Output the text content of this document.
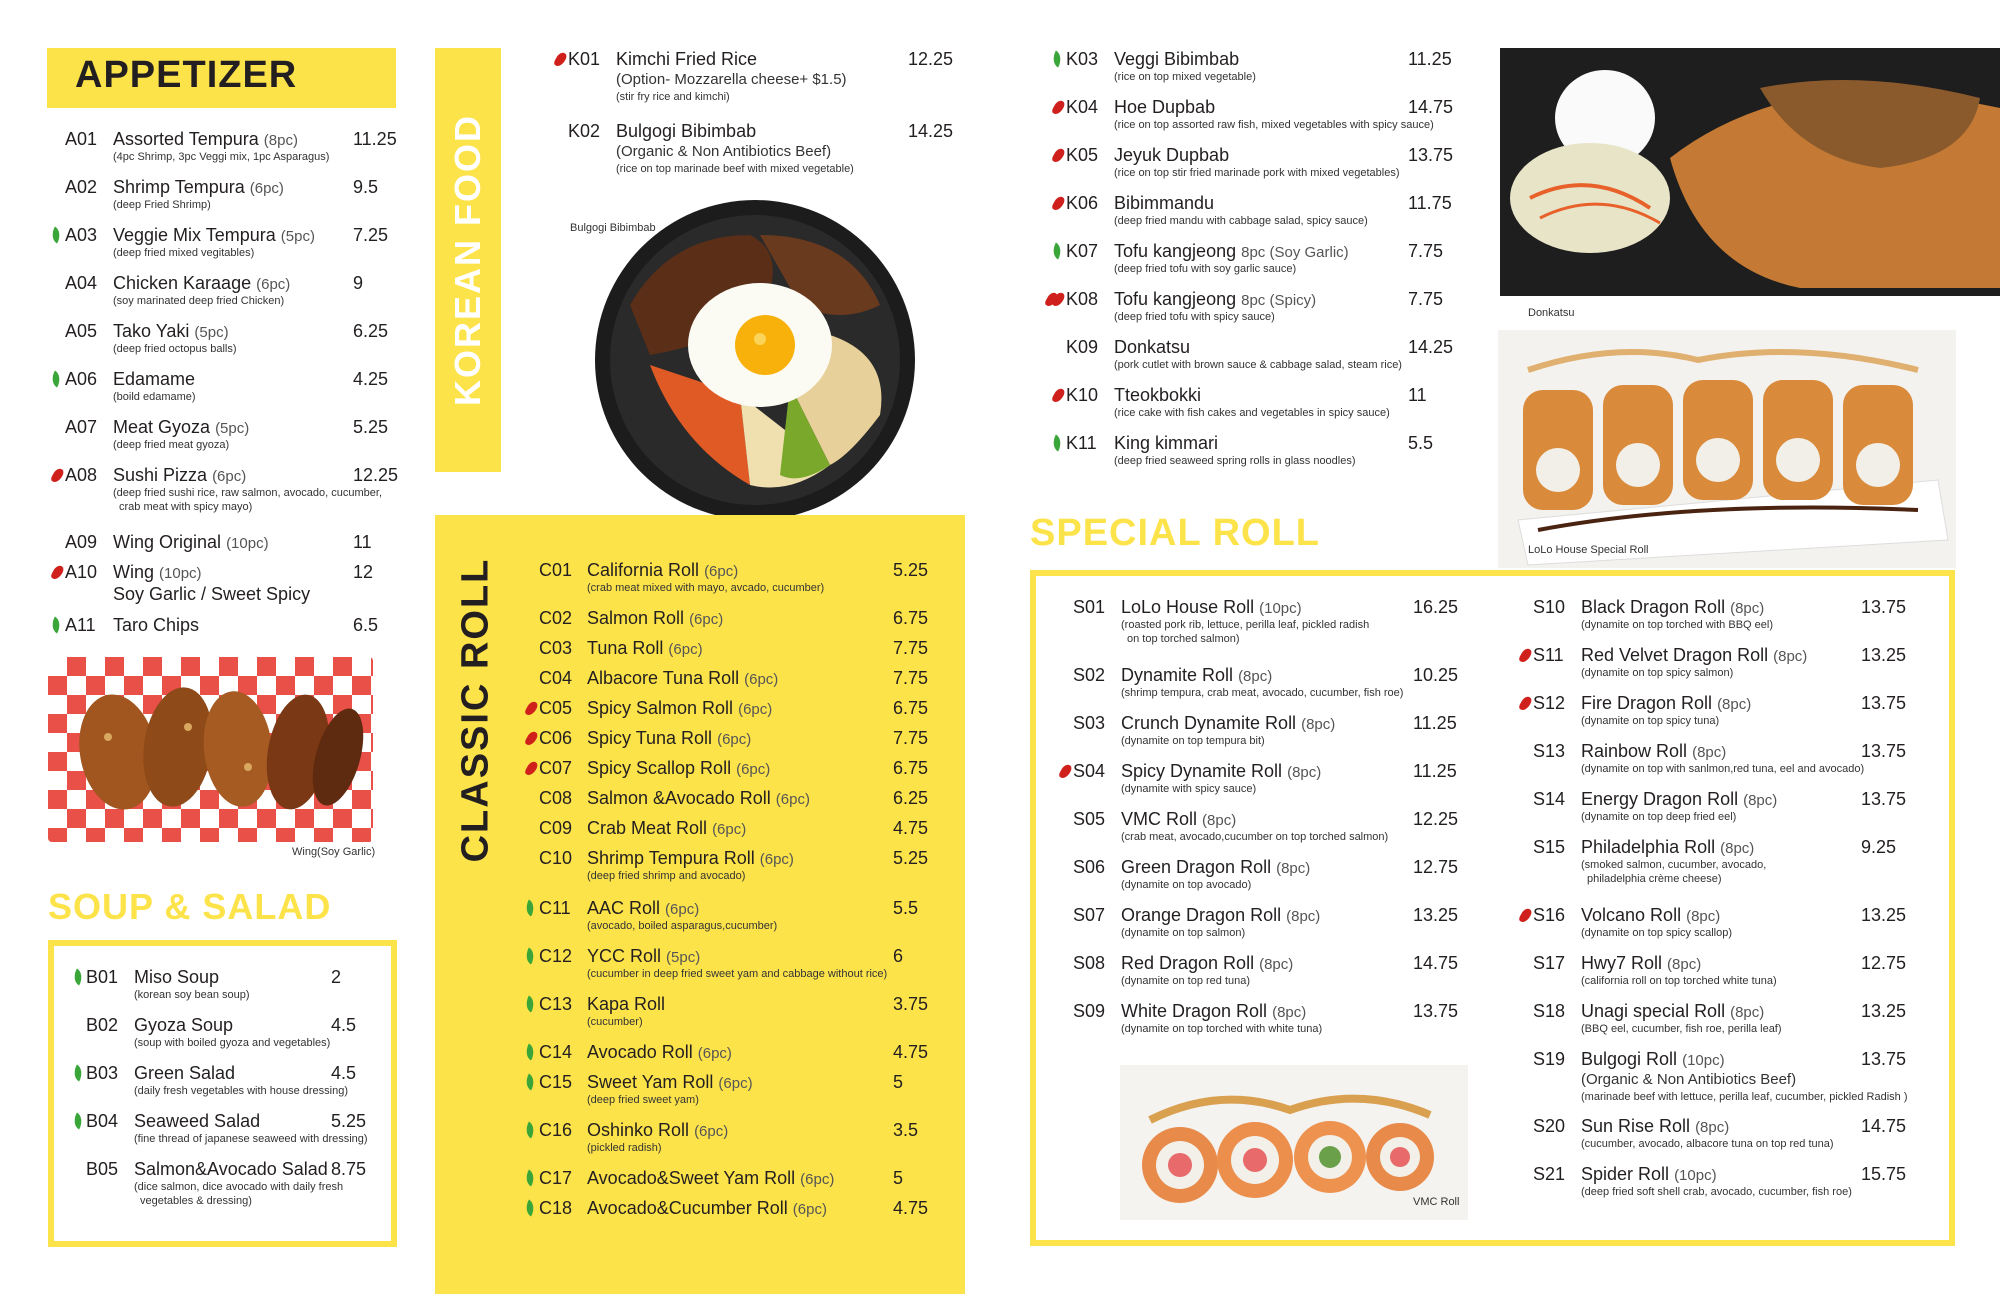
APPETIZER
A01 Assorted Tempura (8pc)	11.25
(4pc Shrimp, 3pc Veggi mix, 1pc Asparagus)
A02 Shrimp Tempura (6pc)	9.5
(deep Fried Shrimp)
A03 Veggie Mix Tempura (5pc) 7.25
(deep fried mixed vegitables)
A04 Chicken Karaage (6pc)	9
(soy marinated deep fried Chicken)
A05 Tako Yaki (5pc)	6.25
(deep fried octopus balls)
A06 Edamame	4.25
(boild edamame)
A07 Meat Gyoza (5pc)	5.25
(deep fried meat gyoza)
A08 Sushi Pizza (6pc)	12.25
(deep fried sushi rice, raw salmon, avocado, cucumber,
crab meat with spicy mayo)
A09 Wing Original (10pc)	11
A10 Wing (10pc)	12
Soy Garlic / Sweet Spicy
A11 Taro Chips	6.5
Wing(Soy Garlic)
SOUP & SALAD
B01 Miso Soup	2
(korean soy bean soup)
B02 Gyoza Soup	4.5
(soup with boiled gyoza and vegetables)
B03 Green Salad	4.5
(daily fresh vegetables with house dressing)
B04 Seaweed Salad	5.25
(fine thread of japanese seaweed with dressing)
B05 Salmon&Avocado Salad 8.75
(dice salmon, dice avocado with daily fresh
vegetables & dressing)
KOREAN FOOD
K01 Kimchi Fried Rice	12.25
(Option- Mozzarella cheese+ $1.5)
(stir fry rice and kimchi)
K02 Bulgogi Bibimbab	14.25
(Organic & Non Antibiotics Beef)
(rice on top marinade beef with mixed vegetable)
Bulgogi Bibimbab
CLASSIC ROLL C01 California Roll (6pc)	5.25
(crab meat mixed with mayo, avcado, cucumber)
C02 Salmon Roll (6pc)	6.75
C03 Tuna Roll (6pc)	7.75
C04 Albacore Tuna Roll (6pc)	7.75
C05 Spicy Salmon Roll (6pc)	6.75
C06 Spicy Tuna Roll (6pc)	7.75
C07 Spicy Scallop Roll (6pc)	6.75
C08 Salmon &Avocado Roll (6pc)	6.25
C09 Crab Meat Roll (6pc)	4.75
C10 Shrimp Tempura Roll (6pc)	5.25
(deep fried shrimp and avocado)
C11 AAC Roll (6pc)	5.5
(avocado, boiled asparagus,cucumber)
C12 YCC Roll (5pc)	6
(cucumber in deep fried sweet yam and cabbage without rice)
C13 Kapa Roll	3.75
(cucumber)
C14 Avocado Roll (6pc)	4.75
C15 Sweet Yam Roll (6pc)	5
(deep fried sweet yam)
C16 Oshinko Roll (6pc)	3.5
(pickled radish)
C17 Avocado&Sweet Yam Roll (6pc)	5
C18 Avocado&Cucumber Roll (6pc)	4.75
K03 Veggi Bibimbab	11.25
(rice on top mixed vegetable)
K04 Hoe Dupbab	14.75
(rice on top assorted raw fish, mixed vegetables with spicy sauce)
K05 Jeyuk Dupbab	13.75
(rice on top stir fried marinade pork with mixed vegetables)
K06 Bibimmandu	11.75
(deep fried mandu with cabbage salad, spicy sauce)
K07 Tofu kangjeong 8pc (Soy Garlic)	7.75
(deep fried tofu with soy garlic sauce)
K08 Tofu kangjeong 8pc (Spicy)	7.75
(deep fried tofu with spicy sauce)
K09 Donkatsu	14.25
(pork cutlet with brown sauce & cabbage salad, steam rice)
K10 Tteokbokki	11
(rice cake with fish cakes and vegetables in spicy sauce)
K11 King kimmari	5.5
(deep fried seaweed spring rolls in glass noodles)
Donkatsu
LoLo House Special Roll
SPECIAL ROLL
S01 LoLo House Roll (10pc)	16.25
(roasted pork rib, lettuce, perilla leaf, pickled radish
on top torched salmon)
S02 Dynamite Roll (8pc)	10.25
(shrimp tempura, crab meat, avocado, cucumber, fish roe)
S03 Crunch Dynamite Roll (8pc)	11.25
(dynamite on top tempura bit)
S04 Spicy Dynamite Roll (8pc)	11.25
(dynamite with spicy sauce)
S05 VMC Roll (8pc)	12.25
(crab meat, avocado,cucumber on top torched salmon)
S06 Green Dragon Roll (8pc)	12.75
(dynamite on top avocado)
S07 Orange Dragon Roll (8pc)	13.25
(dynamite on top salmon)
S08 Red Dragon Roll (8pc)	14.75
(dynamite on top red tuna)
S09 White Dragon Roll (8pc)	13.75
(dynamite on top torched with white tuna)
S10 Black Dragon Roll (8pc)	13.75
(dynamite on top torched with BBQ eel)
S11 Red Velvet Dragon Roll (8pc)	13.25
(dynamite on top spicy salmon)
S12 Fire Dragon Roll (8pc)	13.75
(dynamite on top spicy tuna)
S13 Rainbow Roll (8pc)	13.75
(dynamite on top with sanlmon,red tuna, eel and avocado)
S14 Energy Dragon Roll (8pc)	13.75
(dynamite on top deep fried eel)
S15 Philadelphia Roll (8pc)	9.25
(smoked salmon, cucumber, avocado,
philadelphia crème cheese)
S16 Volcano Roll (8pc)	13.25
(dynamite on top spicy scallop)
S17 Hwy7 Roll (8pc)	12.75
(california roll on top torched white tuna)
S18 Unagi special Roll (8pc)	13.25
(BBQ eel, cucumber, fish roe, perilla leaf)
S19 Bulgogi Roll (10pc)	13.75
(Organic & Non Antibiotics Beef)
(marinade beef with lettuce, perilla leaf, cucumber, pickled Radish )
S20 Sun Rise Roll (8pc)	14.75
(cucumber, avocado, albacore tuna on top red tuna)
S21 Spider Roll (10pc)	15.75
(deep fried soft shell crab, avocado, cucumber, fish roe)
VMC Roll
